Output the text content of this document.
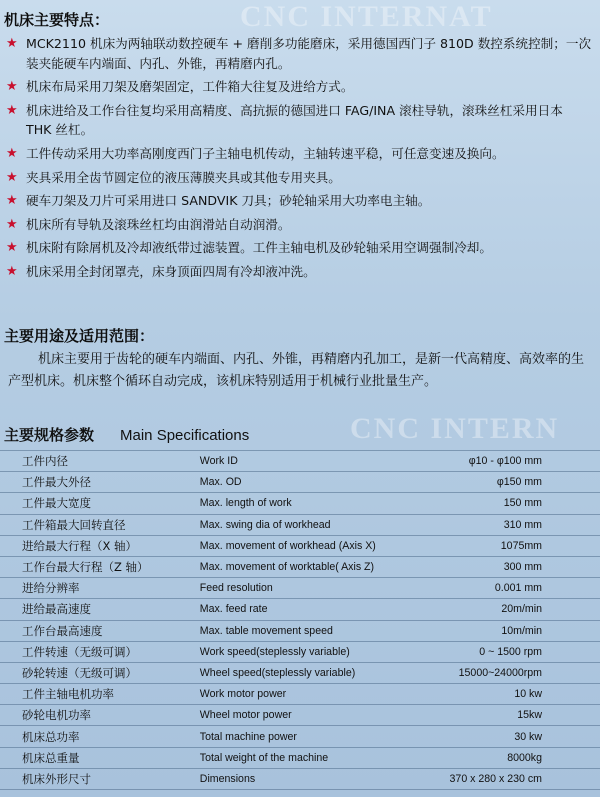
CNC INTERNAT
CNC INTERN
机床主要特点：
★ MCK2110 机床为两轴联动数控硬车 + 磨削多功能磨床，采用德国西门子 810D 数控系统控制；一次装夹能硬车内端面、内孔、外锥，再精磨内孔。
★ 机床布局采用刀架及磨架固定，工件箱大往复及进给方式。
★ 机床进给及工作台往复均采用高精度、高抗振的德国进口 FAG/INA 滚柱导轨，滚珠丝杠采用日本 THK 丝杠。
★ 工件传动采用大功率高刚度西门子主轴电机传动，主轴转速平稳，可任意变速及换向。
★ 夹具采用全齿节圆定位的液压薄膜夹具或其他专用夹具。
★ 硬车刀架及刀片可采用进口 SANDVIK 刀具；砂轮轴采用大功率电主轴。
★ 机床所有导轨及滚珠丝杠均由润滑站自动润滑。
★ 机床附有除屑机及冷却液纸带过滤装置。工件主轴电机及砂轮轴采用空调强制冷却。
★ 机床采用全封闭罩壳，床身顶面四周有冷却液冲洗。
主要用途及适用范围：
机床主要用于齿轮的硬车内端面、内孔、外锥，再精磨内孔加工，是新一代高精度、高效率的生产型机床。机床整个循环自动完成，该机床特别适用于机械行业批量生产。
主要规格参数 Main Specifications
工件内径	Work ID	φ10 - φ100 mm
工件最大外径	Max. OD	φ150 mm
工件最大宽度	Max. length of work	150 mm
工件箱最大回转直径	Max. swing dia of workhead	310 mm
进给最大行程（X 轴）	Max. movement of workhead (Axis X)	1075mm
工作台最大行程（Z 轴）	Max. movement of worktable( Axis Z)	300 mm
进给分辨率	Feed resolution	0.001 mm
进给最高速度	Max. feed rate	20m/min
工作台最高速度	Max. table movement speed	10m/min
工件转速（无级可调）	Work speed(steplessly variable)	0 ~ 1500 rpm
砂轮转速（无级可调）	Wheel speed(steplessly variable)	15000~24000rpm
工件主轴电机功率	Work motor power	10 kw
砂轮电机功率	Wheel motor power	15kw
机床总功率	Total machine power	30 kw
机床总重量	Total weight of the machine	8000kg
机床外形尺寸	Dimensions	370 x 280 x 230 cm
